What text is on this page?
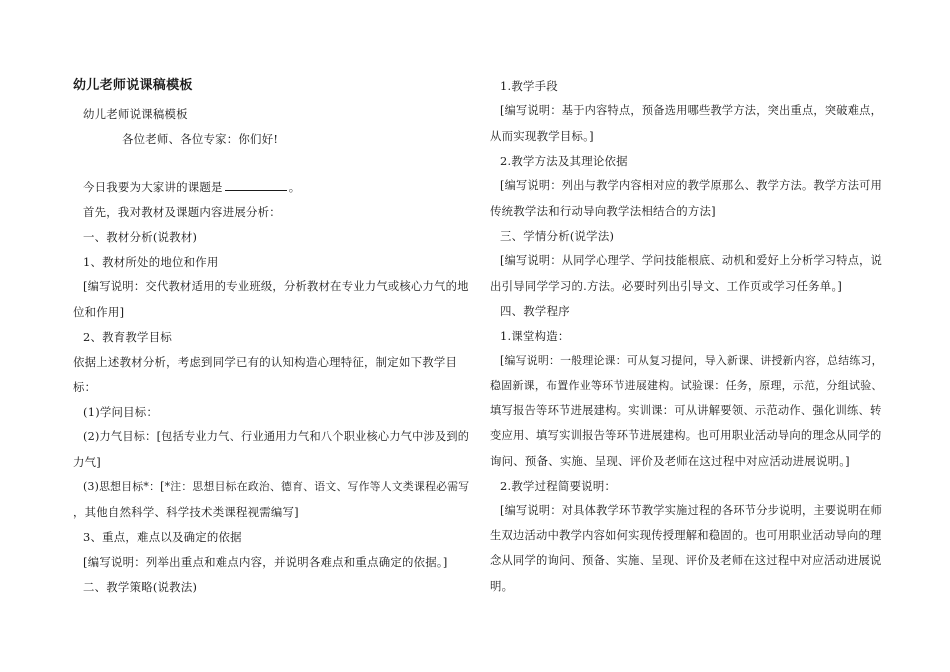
幼儿老师说课稿模板
幼儿老师说课稿模板
各位老师、各位专家：你们好!
今日我要为大家讲的课题是	。
首先，我对教材及课题内容进展分析：
一、教材分析(说教材)
1、教材所处的地位和作用
[编写说明：交代教材适用的专业班级，分析教材在专业力气或核心力气的地
位和作用]
2、教育教学目标
依据上述教材分析，考虑到同学已有的认知构造心理特征，制定如下教学目
标：
(1)学问目标：
(2)力气目标：[包括专业力气、行业通用力气和八个职业核心力气中涉及到的
力气]
(3)思想目标*：[*注：思想目标在政治、德育、语文、写作等人文类课程必需写
，其他自然科学、科学技术类课程视需编写]
3、重点，难点以及确定的依据
[编写说明：列举出重点和难点内容，并说明各难点和重点确定的依据。]
二、教学策略(说教法)
1.教学手段
[编写说明：基于内容特点，预备选用哪些教学方法，突出重点，突破难点，
从而实现教学目标。]
2.教学方法及其理论依据
[编写说明：列出与教学内容相对应的教学原那么、教学方法。教学方法可用
传统教学法和行动导向教学法相结合的方法]
三、学情分析(说学法)
[编写说明：从同学心理学、学问技能根底、动机和爱好上分析学习特点，说
出引导同学学习的.方法。必要时列出引导文、工作页或学习任务单。]
四、教学程序
1.课堂构造：
[编写说明：一般理论课：可从复习提问，导入新课、讲授新内容，总结练习，
稳固新课，布置作业等环节进展建构。试验课：任务，原理，示范，分组试验、
填写报告等环节进展建构。实训课：可从讲解要领、示范动作、强化训练、转
变应用、填写实训报告等环节进展建构。也可用职业活动导向的理念从同学的
询问、预备、实施、呈现、评价及老师在这过程中对应活动进展说明。]
2.教学过程简要说明：
[编写说明：对具体教学环节教学实施过程的各环节分步说明，主要说明在师
生双边活动中教学内容如何实现传授理解和稳固的。也可用职业活动导向的理
念从同学的询问、预备、实施、呈现、评价及老师在这过程中对应活动进展说
明。
